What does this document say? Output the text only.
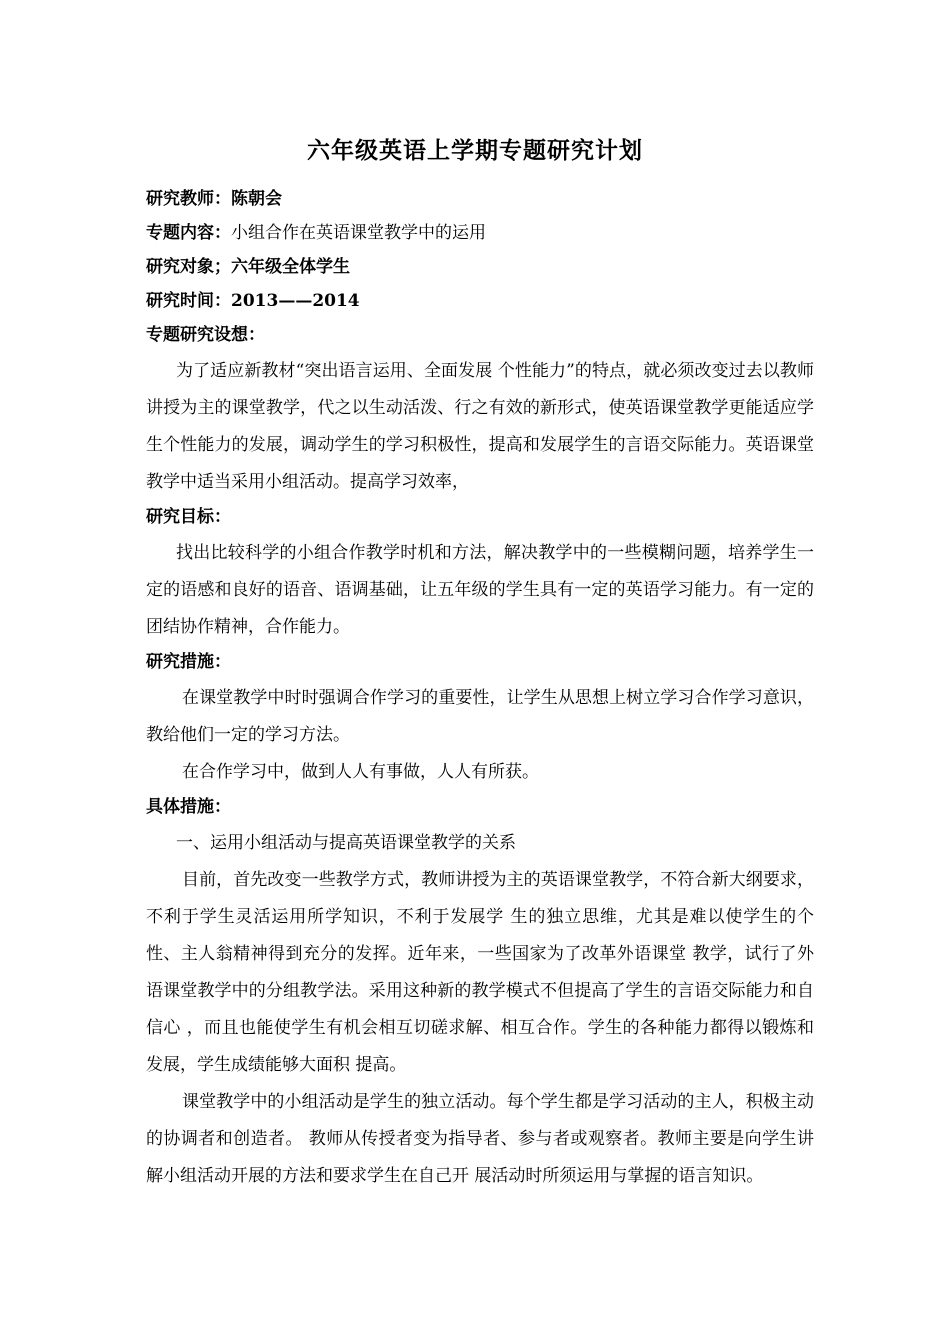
六年级英语上学期专题研究计划
研究教师：陈朝会
专题内容：小组合作在英语课堂教学中的运用
研究对象；六年级全体学生
研究时间：2013——2014
专题研究设想：

为了适应新教材“突出语言运用、全面发展 个性能力”的特点，就必须改变过去以教师讲授为主的课堂教学，代之以生动活泼、行之有效的新形式，使英语课堂教学更能适应学生个性能力的发展，调动学生的学习积极性，提高和发展学生的言语交际能力。英语课堂教学中适当采用小组活动。提高学习效率，

研究目标：

找出比较科学的小组合作教学时机和方法，解决教学中的一些模糊问题，培养学生一定的语感和良好的语音、语调基础，让五年级的学生具有一定的英语学习能力。有一定的团结协作精神，合作能力。

研究措施：

在课堂教学中时时强调合作学习的重要性，让学生从思想上树立学习合作学习意识，教给他们一定的学习方法。

在合作学习中，做到人人有事做，人人有所获。

具体措施：
一、运用小组活动与提高英语课堂教学的关系

目前，首先改变一些教学方式，教师讲授为主的英语课堂教学，不符合新大纲要求，不利于学生灵活运用所学知识，不利于发展学 生的独立思维，尤其是难以使学生的个性、主人翁精神得到充分的发挥。近年来，一些国家为了改革外语课堂 教学，试行了外语课堂教学中的分组教学法。采用这种新的教学模式不但提高了学生的言语交际能力和自信心 ，而且也能使学生有机会相互切磋求解、相互合作。学生的各种能力都得以锻炼和发展，学生成绩能够大面积 提高。

课堂教学中的小组活动是学生的独立活动。每个学生都是学习活动的主人，积极主动的协调者和创造者。 教师从传授者变为指导者、参与者或观察者。教师主要是向学生讲解小组活动开展的方法和要求学生在自己开 展活动时所须运用与掌握的语言知识。
